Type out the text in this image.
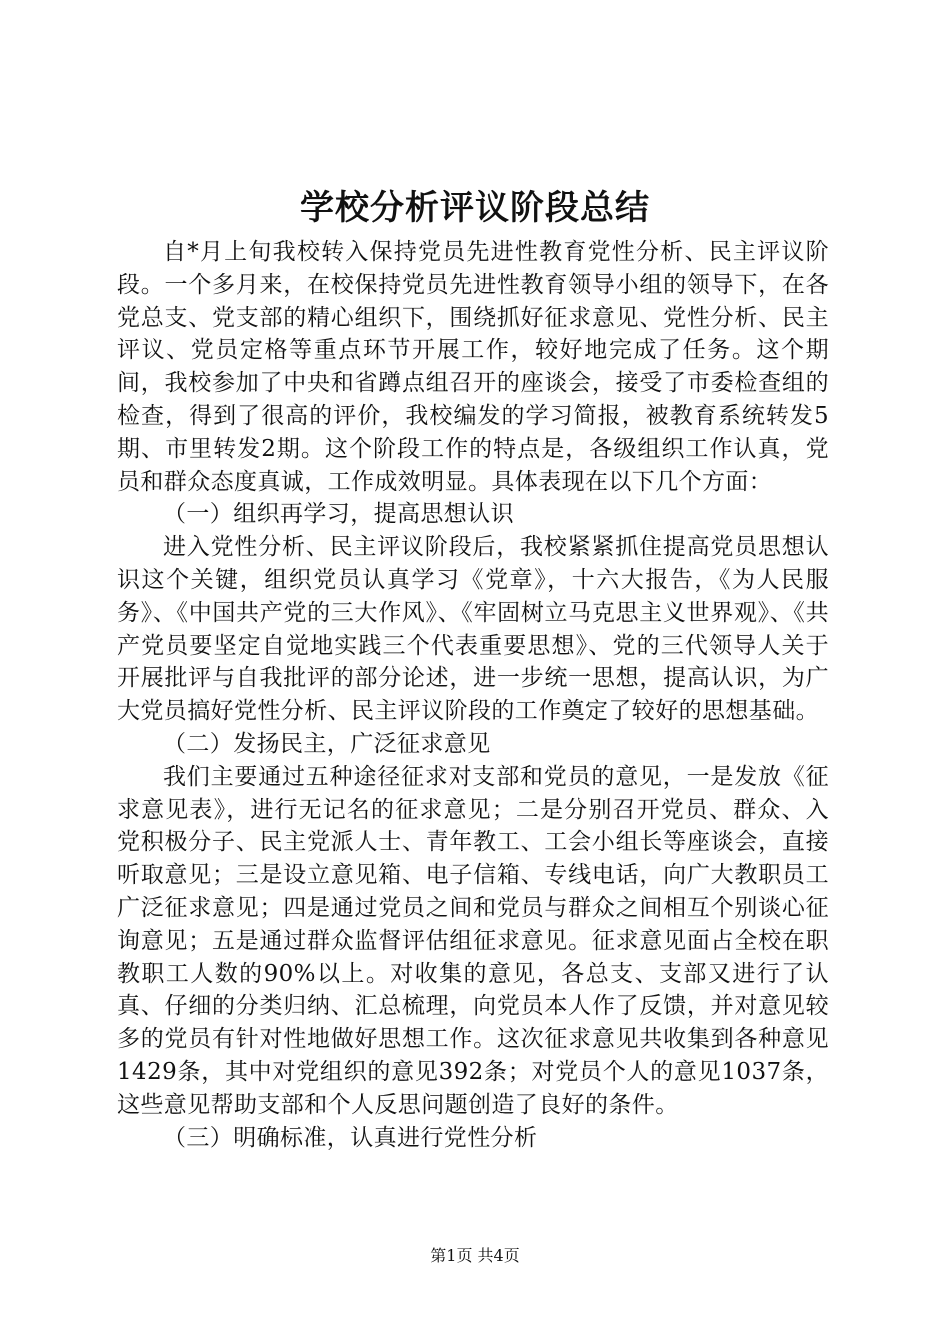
学校分析评议阶段总结

自*月上旬我校转入保持党员先进性教育党性分析、民主评议阶段。一个多月来，在校保持党员先进性教育领导小组的领导下，在各党总支、党支部的精心组织下，围绕抓好征求意见、党性分析、民主评议、党员定格等重点环节开展工作，较好地完成了任务。这个期间，我校参加了中央和省蹲点组召开的座谈会，接受了市委检查组的检查，得到了很高的评价，我校编发的学习简报，被教育系统转发5期、市里转发2期。这个阶段工作的特点是，各级组织工作认真，党员和群众态度真诚，工作成效明显。具体表现在以下几个方面：

（一）组织再学习，提高思想认识

进入党性分析、民主评议阶段后，我校紧紧抓住提高党员思想认识这个关键，组织党员认真学习《党章》，十六大报告，《为人民服务》、《中国共产党的三大作风》、《牢固树立马克思主义世界观》、《共产党员要坚定自觉地实践三个代表重要思想》、党的三代领导人关于开展批评与自我批评的部分论述，进一步统一思想，提高认识，为广大党员搞好党性分析、民主评议阶段的工作奠定了较好的思想基础。

（二）发扬民主，广泛征求意见

我们主要通过五种途径征求对支部和党员的意见，一是发放《征求意见表》，进行无记名的征求意见；二是分别召开党员、群众、入党积极分子、民主党派人士、青年教工、工会小组长等座谈会，直接听取意见；三是设立意见箱、电子信箱、专线电话，向广大教职员工广泛征求意见；四是通过党员之间和党员与群众之间相互个别谈心征询意见；五是通过群众监督评估组征求意见。征求意见面占全校在职教职工人数的90%以上。对收集的意见，各总支、支部又进行了认真、仔细的分类归纳、汇总梳理，向党员本人作了反馈，并对意见较多的党员有针对性地做好思想工作。这次征求意见共收集到各种意见1429条，其中对党组织的意见392条；对党员个人的意见1037条，这些意见帮助支部和个人反思问题创造了良好的条件。

（三）明确标准，认真进行党性分析

第1页 共4页
